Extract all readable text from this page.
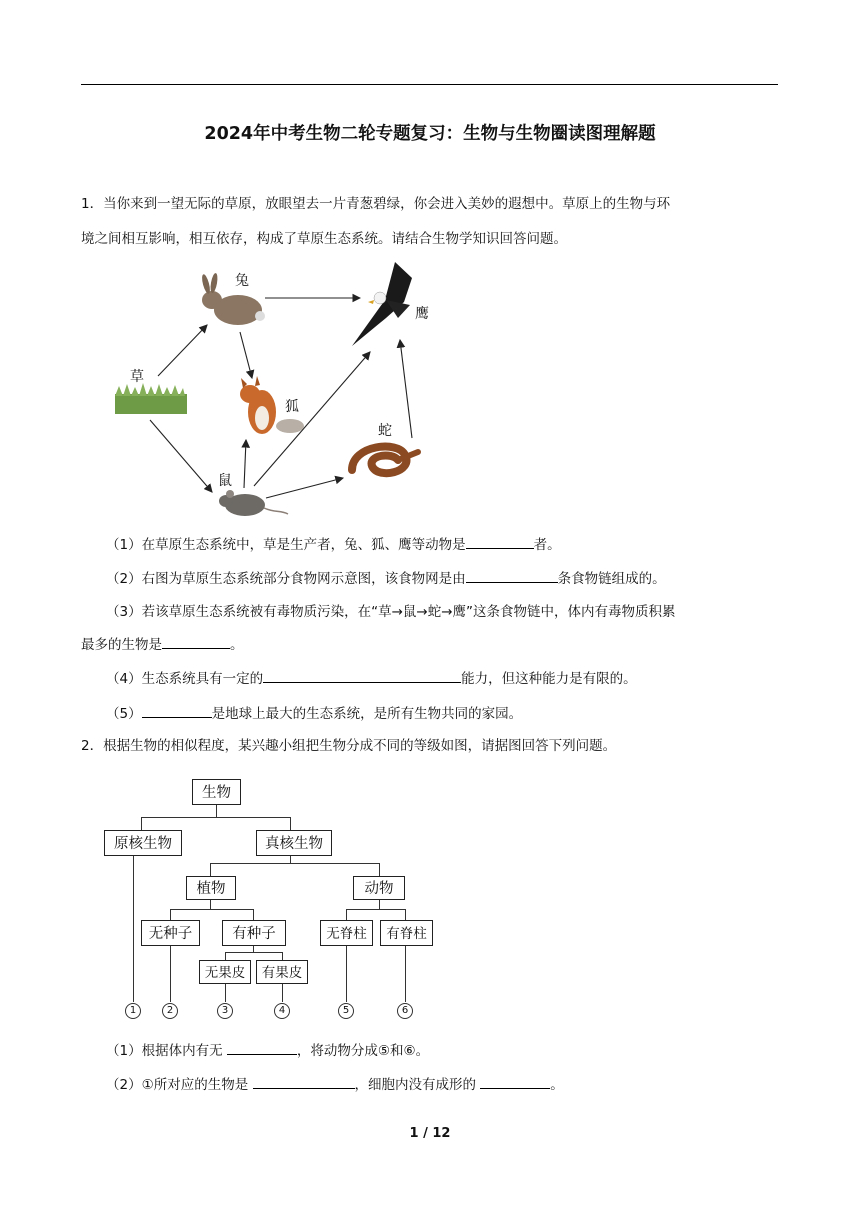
2024年中考生物二轮专题复习：生物与生物圈读图理解题
1．当你来到一望无际的草原，放眼望去一片青葱碧绿，你会进入美妙的遐想中。草原上的生物与环
境之间相互影响，相互依存，构成了草原生态系统。请结合生物学知识回答问题。
兔
鹰
草
狐
蛇
鼠
（1）在草原生态系统中，草是生产者，兔、狐、鹰等动物是	者。
（2）右图为草原生态系统部分食物网示意图，该食物网是由	条食物链组成的。
（3）若该草原生态系统被有毒物质污染，在“草→鼠→蛇→鹰”这条食物链中，体内有毒物质积累
最多的生物是	。
（4）生态系统具有一定的	能力，但这种能力是有限的。
（5）	是地球上最大的生态系统，是所有生物共同的家园。
2．根据生物的相似程度，某兴趣小组把生物分成不同的等级如图，请据图回答下列问题。
生物
原核生物	真核生物
植物	动物
无种子	有种子	无脊柱	有脊柱
无果皮	有果皮
1	2	3	4	5	6
（1）根据体内有无	，将动物分成⑤和⑥。
（2）①所对应的生物是	，细胞内没有成形的	。
1 / 12
